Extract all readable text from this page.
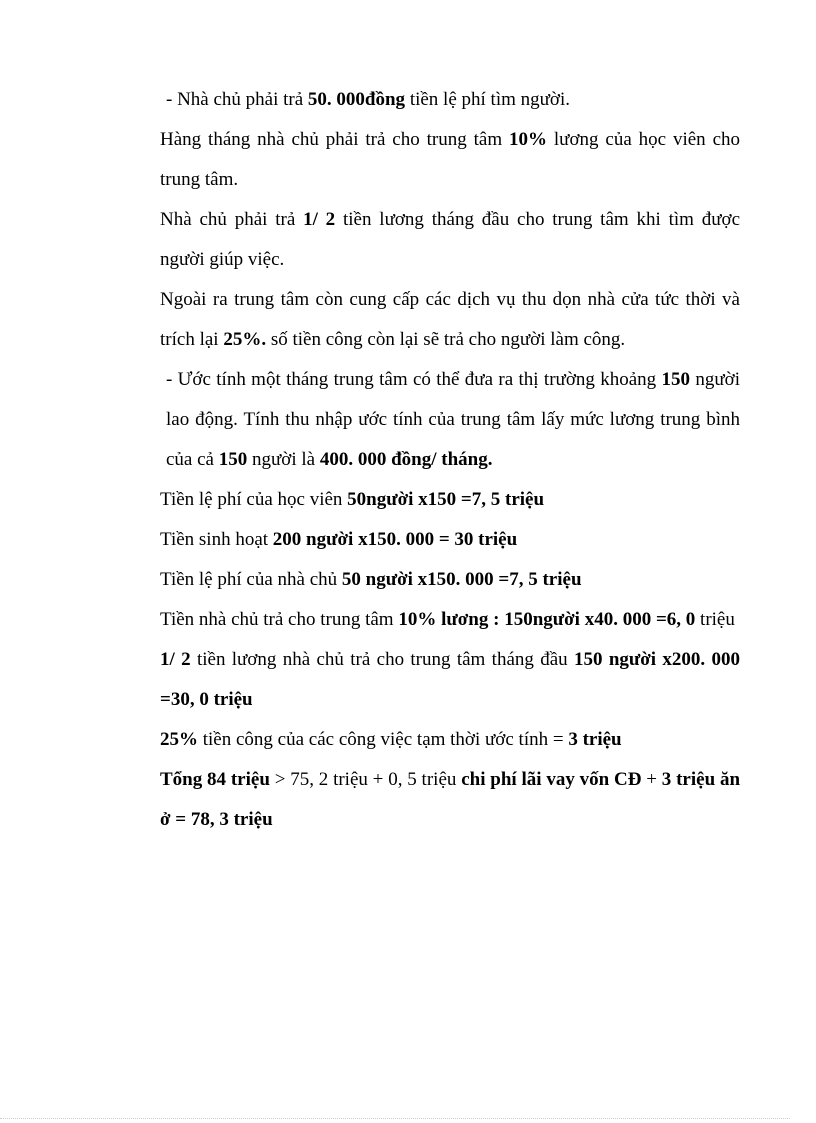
- Nhà chủ phải trả 50. 000đồng tiền lệ phí tìm người.

Hàng tháng nhà chủ phải trả cho trung tâm 10% lương của học viên cho trung tâm.

Nhà chủ phải trả 1/ 2 tiền lương tháng đầu cho trung tâm khi tìm được người giúp việc.

Ngoài ra trung tâm còn cung cấp các dịch vụ thu dọn nhà cửa tức thời và trích lại 25%. số tiền công còn lại sẽ trả cho người làm công.

- Ước tính một tháng trung tâm có thể đưa ra thị trường khoảng 150 người lao động. Tính thu nhập ước tính của trung tâm lấy mức lương trung bình của cả 150 người là 400. 000 đồng/ tháng.

Tiền lệ phí của học viên 50người x150 =7, 5 triệu

Tiền sinh hoạt 200 người x150. 000 = 30 triệu

Tiền lệ phí của nhà chủ 50 người x150. 000 =7, 5 triệu

Tiền nhà chủ trả cho trung tâm 10% lương : 150người x40. 000 =6, 0 triệu

1/ 2 tiền lương nhà chủ trả cho trung tâm tháng đầu 150 người x200. 000 =30, 0 triệu

25% tiền công của các công việc tạm thời ước tính = 3 triệu

Tổng 84 triệu > 75, 2 triệu + 0, 5 triệu chi phí lãi vay vốn CĐ + 3 triệu ăn ở = 78, 3 triệu
